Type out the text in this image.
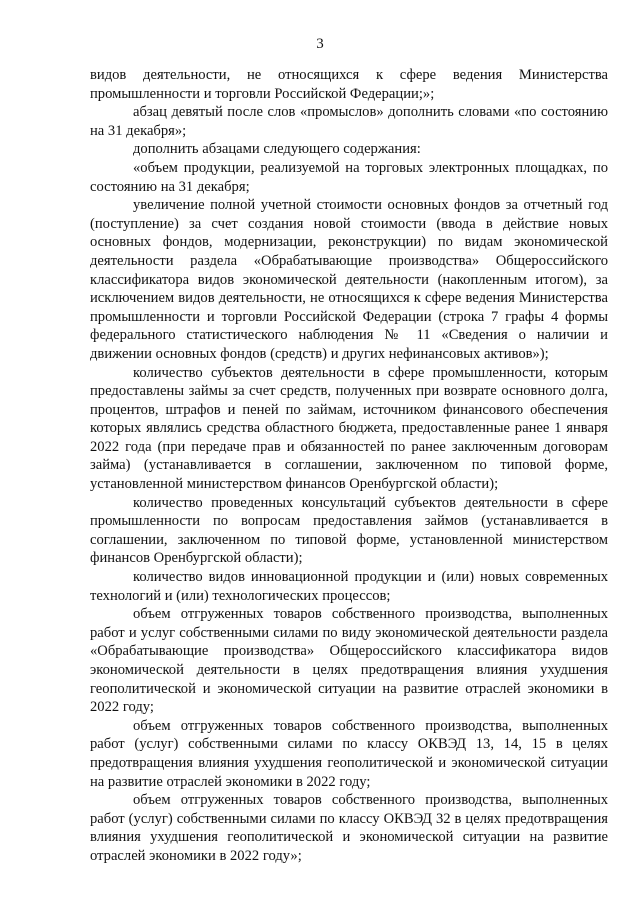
3

видов деятельности, не относящихся к сфере ведения Министерства промышленности и торговли Российской Федерации;»;

абзац девятый после слов «промыслов» дополнить словами «по состоянию на 31 декабря»;

дополнить абзацами следующего содержания:

«объем продукции, реализуемой на торговых электронных площадках, по состоянию на 31 декабря;

увеличение полной учетной стоимости основных фондов за отчетный год (поступление) за счет создания новой стоимости (ввода в действие новых основных фондов, модернизации, реконструкции) по видам экономической деятельности раздела «Обрабатывающие производства» Общероссийского классификатора видов экономической деятельности (накопленным итогом), за исключением видов деятельности, не относящихся к сфере ведения Министерства промышленности и торговли Российской Федерации (строка 7 графы 4 формы федерального статистического наблюдения № 11 «Сведения о наличии и движении основных фондов (средств) и других нефинансовых активов»);

количество субъектов деятельности в сфере промышленности, которым предоставлены займы за счет средств, полученных при возврате основного долга, процентов, штрафов и пеней по займам, источником финансового обеспечения которых являлись средства областного бюджета, предоставленные ранее 1 января 2022 года (при передаче прав и обязанностей по ранее заключенным договорам займа) (устанавливается в соглашении, заключенном по типовой форме, установленной министерством финансов Оренбургской области);

количество проведенных консультаций субъектов деятельности в сфере промышленности по вопросам предоставления займов (устанавливается в соглашении, заключенном по типовой форме, установленной министерством финансов Оренбургской области);

количество видов инновационной продукции и (или) новых современных технологий и (или) технологических процессов;

объем отгруженных товаров собственного производства, выполненных работ и услуг собственными силами по виду экономической деятельности раздела «Обрабатывающие производства» Общероссийского классификатора видов экономической деятельности в целях предотвращения влияния ухудшения геополитической и экономической ситуации на развитие отраслей экономики в 2022 году;

объем отгруженных товаров собственного производства, выполненных работ (услуг) собственными силами по классу ОКВЭД 13, 14, 15 в целях предотвращения влияния ухудшения геополитической и экономической ситуации на развитие отраслей экономики в 2022 году;

объем отгруженных товаров собственного производства, выполненных работ (услуг) собственными силами по классу ОКВЭД 32 в целях предотвращения влияния ухудшения геополитической и экономической ситуации на развитие отраслей экономики в 2022 году»;
